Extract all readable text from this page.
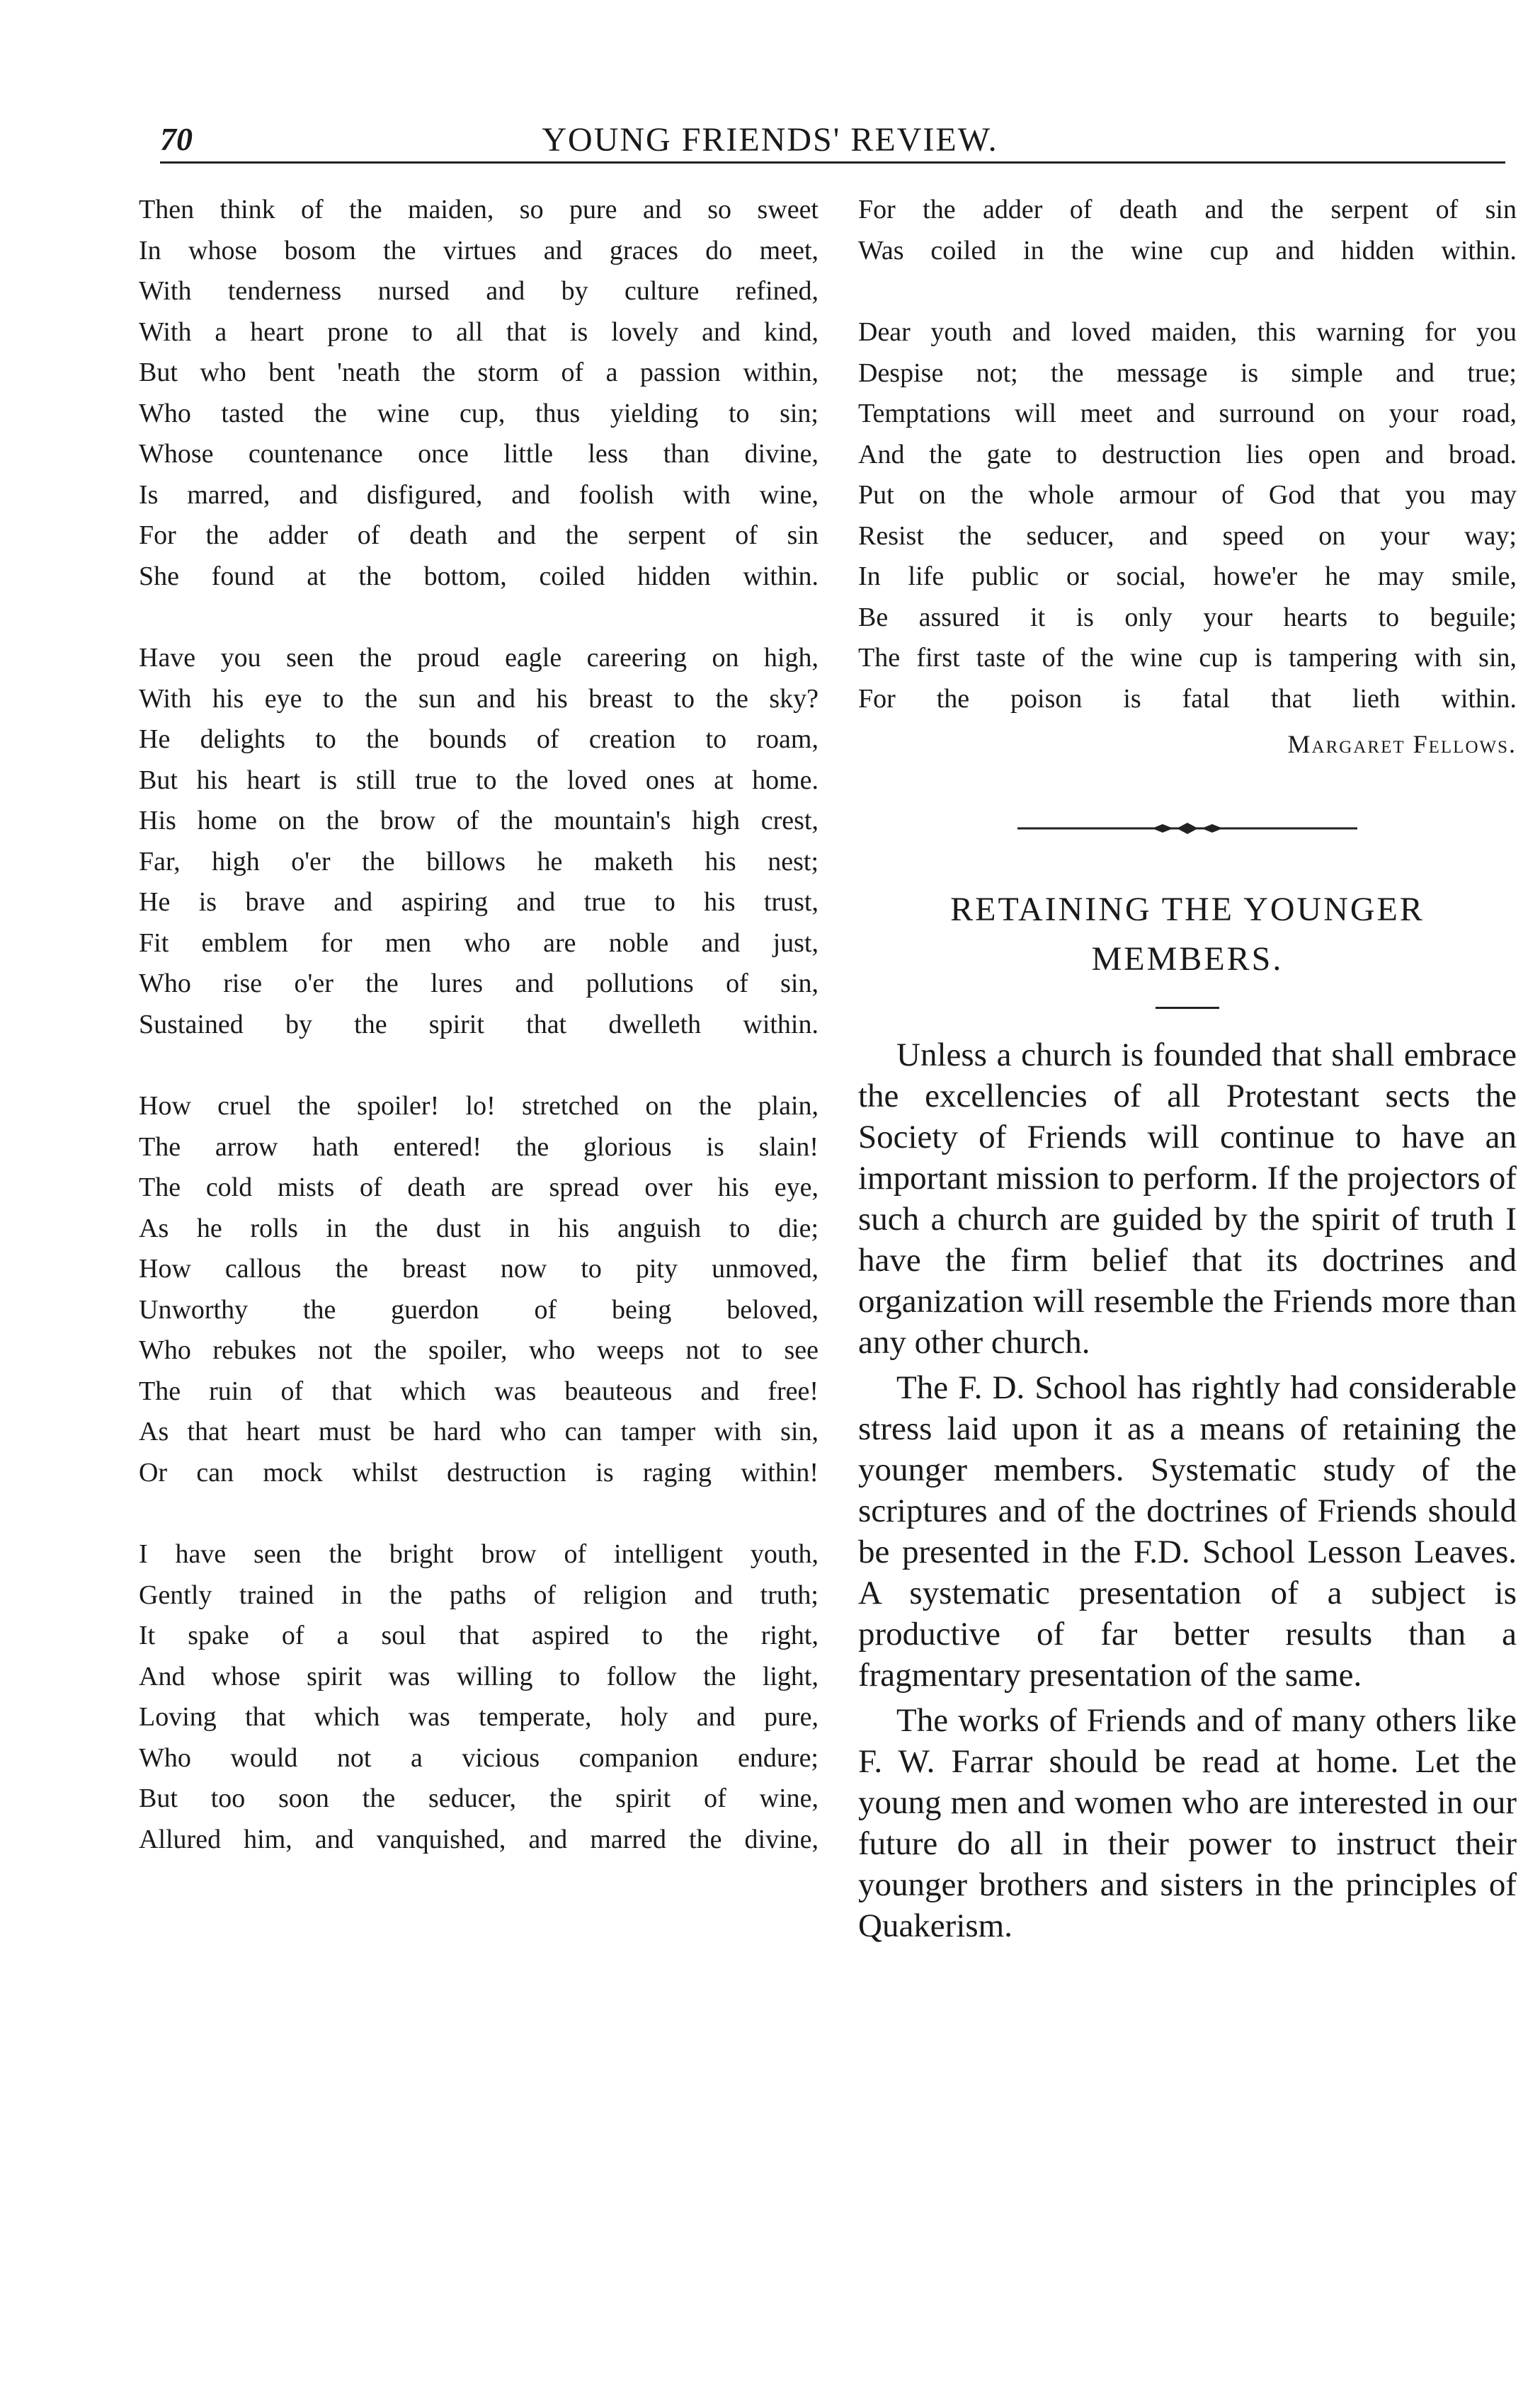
70	YOUNG FRIENDS' REVIEW.
Then think of the maiden, so pure and so sweet
In whose bosom the virtues and graces do meet,
With tenderness nursed and by culture refined,
With a heart prone to all that is lovely and kind,
But who bent 'neath the storm of a passion within,
Who tasted the wine cup, thus yielding to sin;
Whose countenance once little less than divine,
Is marred, and disfigured, and foolish with wine,
For the adder of death and the serpent of sin
She found at the bottom, coiled hidden within.
Have you seen the proud eagle careering on high,
With his eye to the sun and his breast to the sky?
He delights to the bounds of creation to roam,
But his heart is still true to the loved ones at home.
His home on the brow of the mountain's high crest,
Far, high o'er the billows he maketh his nest;
He is brave and aspiring and true to his trust,
Fit emblem for men who are noble and just,
Who rise o'er the lures and pollutions of sin,
Sustained by the spirit that dwelleth within.
How cruel the spoiler! lo! stretched on the plain,
The arrow hath entered! the glorious is slain!
The cold mists of death are spread over his eye,
As he rolls in the dust in his anguish to die;
How callous the breast now to pity unmoved,
Unworthy the guerdon of being beloved,
Who rebukes not the spoiler, who weeps not to see
The ruin of that which was beauteous and free!
As that heart must be hard who can tamper with sin,
Or can mock whilst destruction is raging within!
I have seen the bright brow of intelligent youth,
Gently trained in the paths of religion and truth;
It spake of a soul that aspired to the right,
And whose spirit was willing to follow the light,
Loving that which was temperate, holy and pure,
Who would not a vicious companion endure;
But too soon the seducer, the spirit of wine,
Allured him, and vanquished, and marred the divine,
For the adder of death and the serpent of sin
Was coiled in the wine cup and hidden within.
Dear youth and loved maiden, this warning for you
Despise not; the message is simple and true;
Temptations will meet and surround on your road,
And the gate to destruction lies open and broad.
Put on the whole armour of God that you may
Resist the seducer, and speed on your way;
In life public or social, howe'er he may smile,
Be assured it is only your hearts to beguile;
The first taste of the wine cup is tampering with sin,
For the poison is fatal that lieth within.
Margaret Fellows.
RETAINING THE YOUNGER
MEMBERS.

Unless a church is founded that shall embrace the excellencies of all Protestant sects the Society of Friends will continue to have an important mission to perform. If the projectors of such a church are guided by the spirit of truth I have the firm belief that its doctrines and organization will resemble the Friends more than any other church.

The F. D. School has rightly had considerable stress laid upon it as a means of retaining the younger members. Systematic study of the scriptures and of the doctrines of Friends should be presented in the F.D. School Lesson Leaves. A systematic presentation of a subject is productive of far better results than a fragmentary presentation of the same.

The works of Friends and of many others like F. W. Farrar should be read at home. Let the young men and women who are interested in our future do all in their power to instruct their younger brothers and sisters in the principles of Quakerism.
